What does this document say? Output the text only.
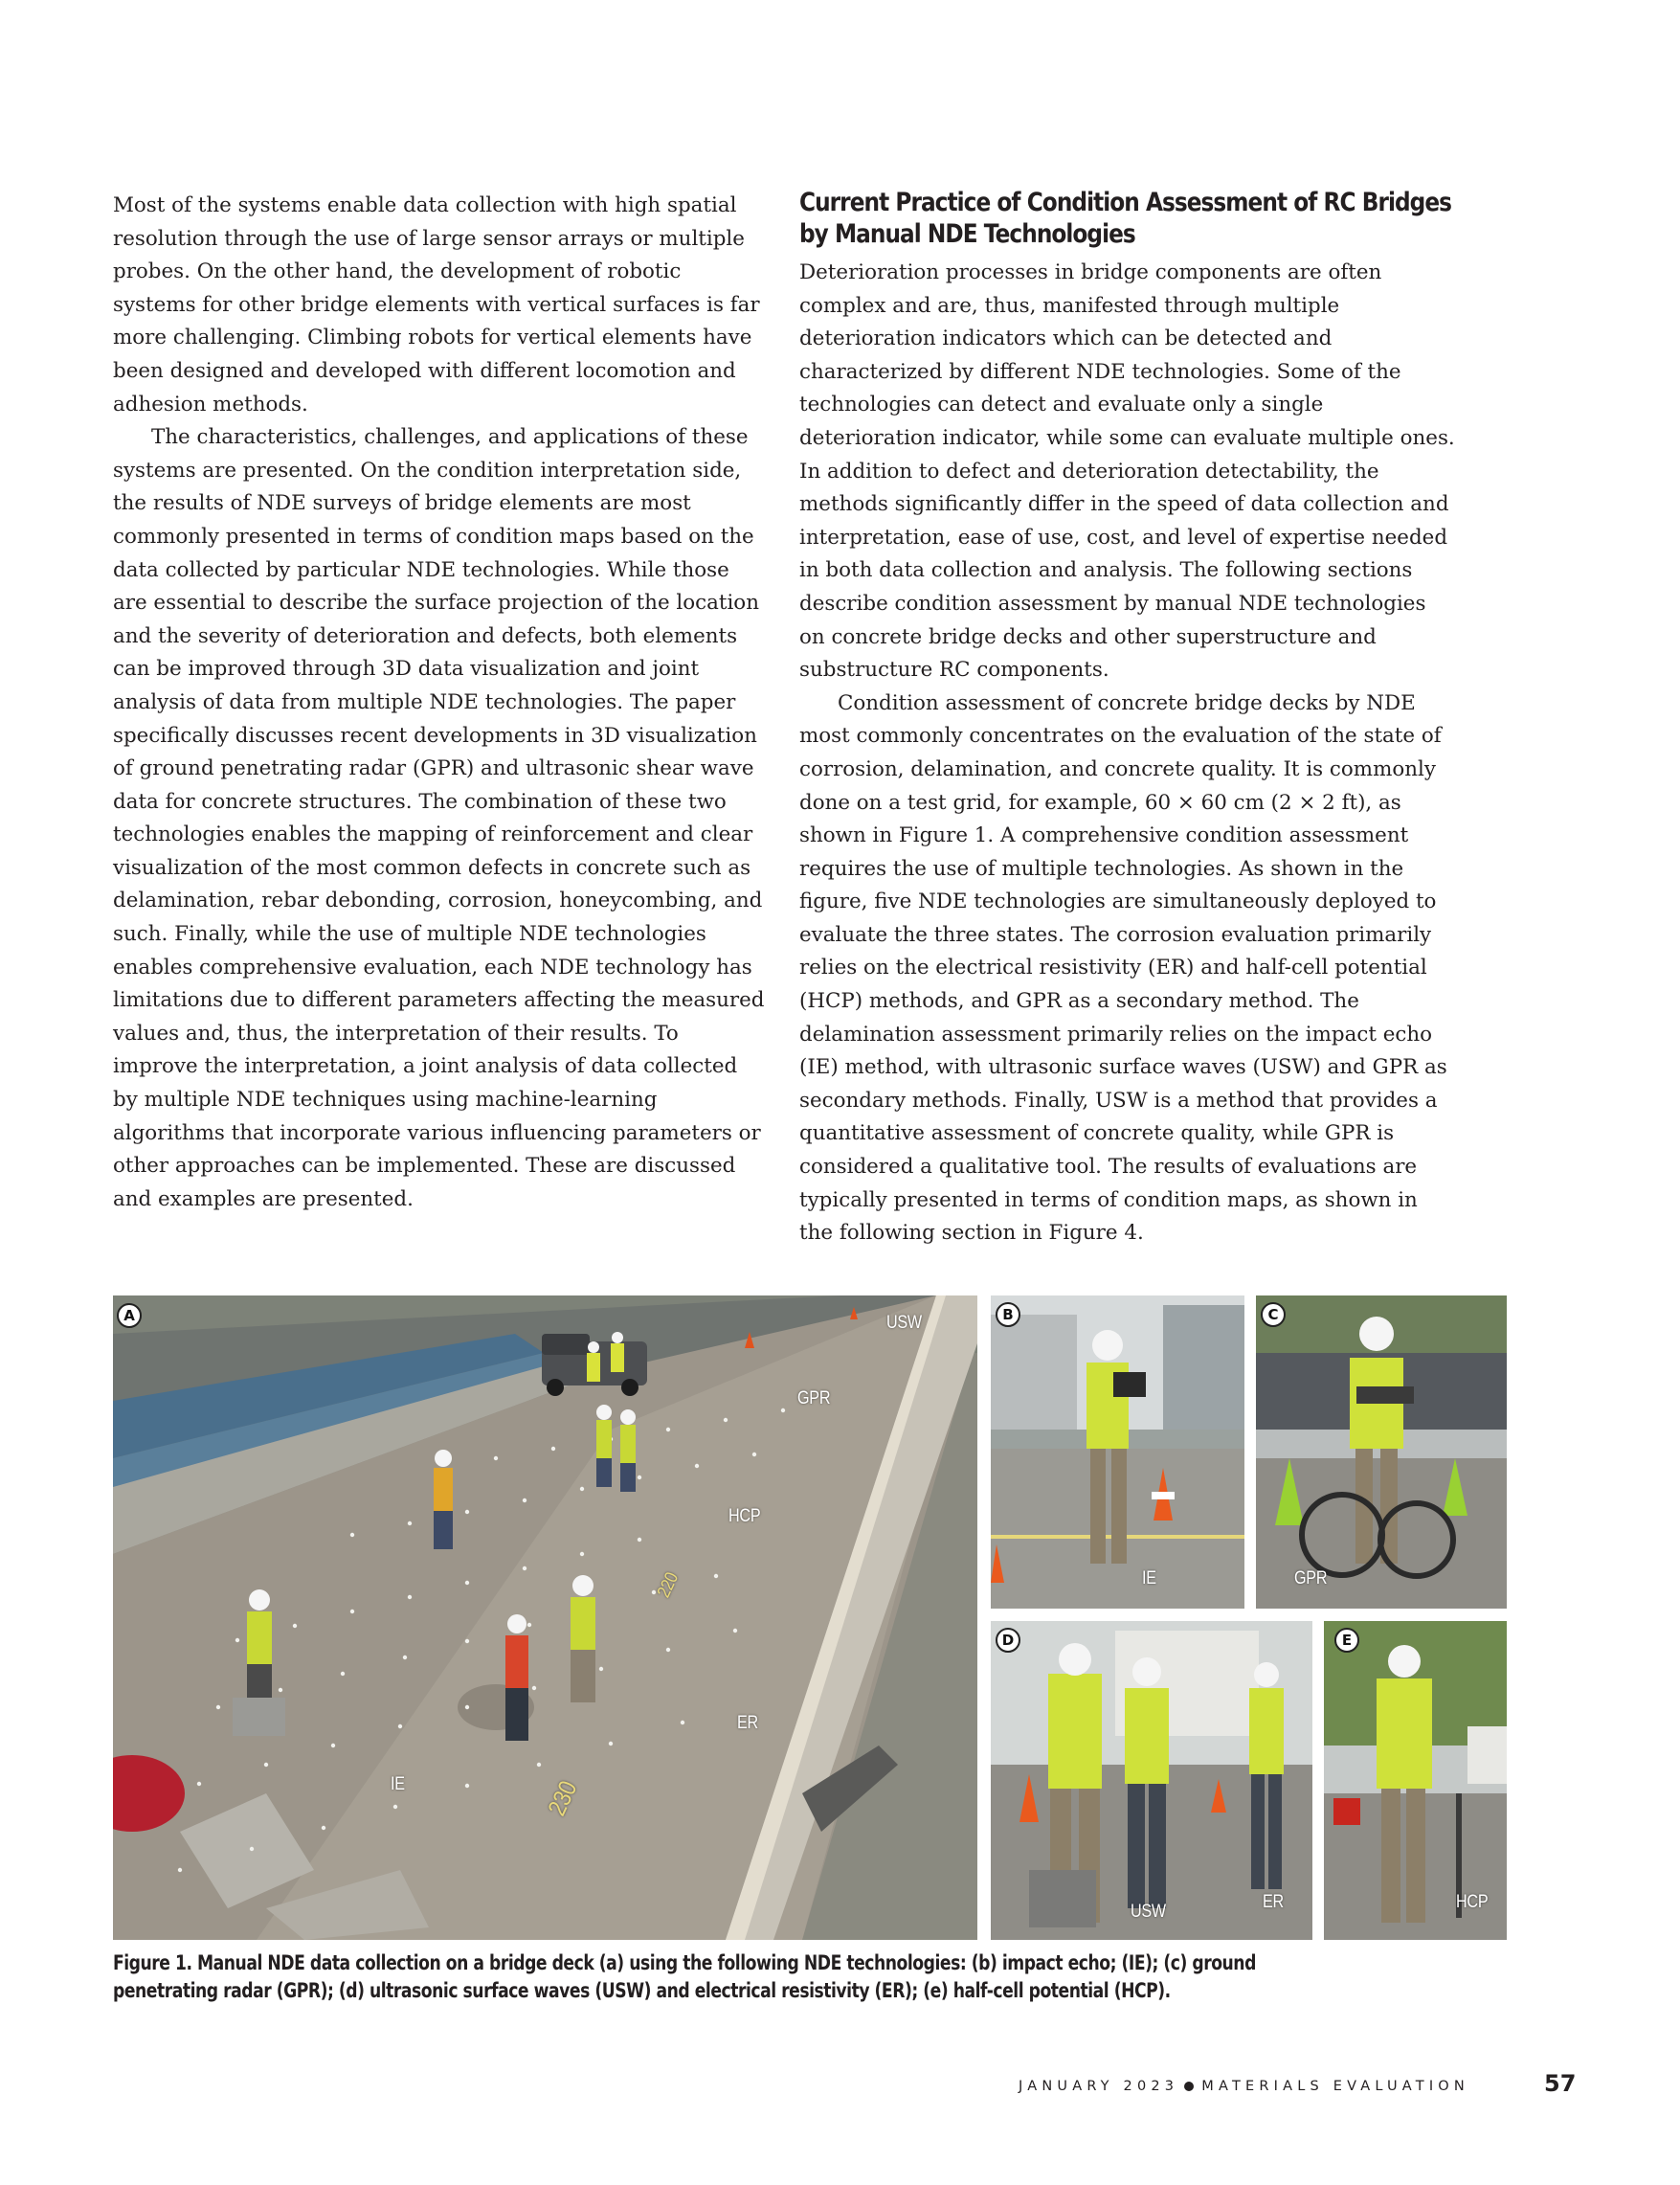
Most of the systems enable data collection with high spatial resolution through the use of large sensor arrays or multiple probes. On the other hand, the development of robotic systems for other bridge elements with vertical surfaces is far more challenging. Climbing robots for vertical elements have been designed and developed with different locomotion and adhesion methods.

The characteristics, challenges, and applications of these systems are presented. On the condition interpretation side, the results of NDE surveys of bridge elements are most commonly presented in terms of condition maps based on the data collected by particular NDE technologies. While those are essential to describe the surface projection of the location and the severity of deterioration and defects, both elements can be improved through 3D data visualization and joint analysis of data from multiple NDE technologies. The paper specifically discusses recent developments in 3D visualization of ground penetrating radar (GPR) and ultrasonic shear wave data for concrete structures. The combination of these two technologies enables the mapping of reinforcement and clear visualization of the most common defects in concrete such as delamination, rebar debonding, corrosion, honeycombing, and such. Finally, while the use of multiple NDE technologies enables comprehensive evaluation, each NDE technology has limitations due to different parameters affecting the measured values and, thus, the interpretation of their results. To improve the interpretation, a joint analysis of data collected by multiple NDE techniques using machine-learning algorithms that incorporate various influencing parameters or other approaches can be implemented. These are discussed and examples are presented.

Current Practice of Condition Assessment of RC Bridges by Manual NDE Technologies

Deterioration processes in bridge components are often complex and are, thus, manifested through multiple deterioration indicators which can be detected and characterized by different NDE technologies. Some of the technologies can detect and evaluate only a single deterioration indicator, while some can evaluate multiple ones. In addition to defect and deterioration detectability, the methods significantly differ in the speed of data collection and interpretation, ease of use, cost, and level of expertise needed in both data collection and analysis. The following sections describe condition assessment by manual NDE technologies on concrete bridge decks and other superstructure and substructure RC components.

Condition assessment of concrete bridge decks by NDE most commonly concentrates on the evaluation of the state of corrosion, delamination, and concrete quality. It is commonly done on a test grid, for example, 60 × 60 cm (2 × 2 ft), as shown in Figure 1. A comprehensive condition assessment requires the use of multiple technologies. As shown in the figure, five NDE technologies are simultaneously deployed to evaluate the three states. The corrosion evaluation primarily relies on the electrical resistivity (ER) and half-cell potential (HCP) methods, and GPR as a secondary method. The delamination assessment primarily relies on the impact echo (IE) method, with ultrasonic surface waves (USW) and GPR as secondary methods. Finally, USW is a method that provides a quantitative assessment of concrete quality, while GPR is considered a qualitative tool. The results of evaluations are typically presented in terms of condition maps, as shown in the following section in Figure 4.

A	USW
GPR
HCP
ER
IE
220
230
B
IE
C
GPR
D
USW	ER
E
HCP
Figure 1. Manual NDE data collection on a bridge deck (a) using the following NDE technologies: (b) impact echo; (IE); (c) ground penetrating radar (GPR); (d) ultrasonic surface waves (USW) and electrical resistivity (ER); (e) half-cell potential (HCP).
JANUARY 2023 MATERIALS EVALUATION	57
